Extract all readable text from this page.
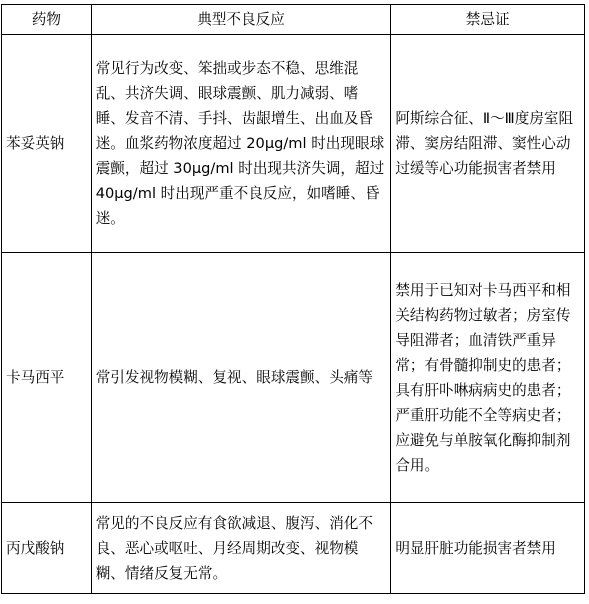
药物	典型不良反应	禁忌证
苯妥英钠	常见行为改变、笨拙或步态不稳、思维混乱、共济失调、眼球震颤、肌力减弱、嗜睡、发音不清、手抖、齿龈增生、出血及昏迷。血浆药物浓度超过 20μg/ml 时出现眼球震颤，超过 30μg/ml 时出现共济失调，超过 40μg/ml 时出现严重不良反应，如嗜睡、昏迷。	阿斯综合征、Ⅱ～Ⅲ度房室阻滞、窦房结阻滞、窦性心动过缓等心功能损害者禁用
卡马西平	常引发视物模糊、复视、眼球震颤、头痛等	禁用于已知对卡马西平和相关结构药物过敏者；房室传导阻滞者；血清铁严重异常；有骨髓抑制史的患者；具有肝卟啉病病史的患者；严重肝功能不全等病史者；应避免与单胺氧化酶抑制剂合用。
丙戊酸钠	常见的不良反应有食欲减退、腹泻、消化不良、恶心或呕吐、月经周期改变、视物模糊、情绪反复无常。	明显肝脏功能损害者禁用
